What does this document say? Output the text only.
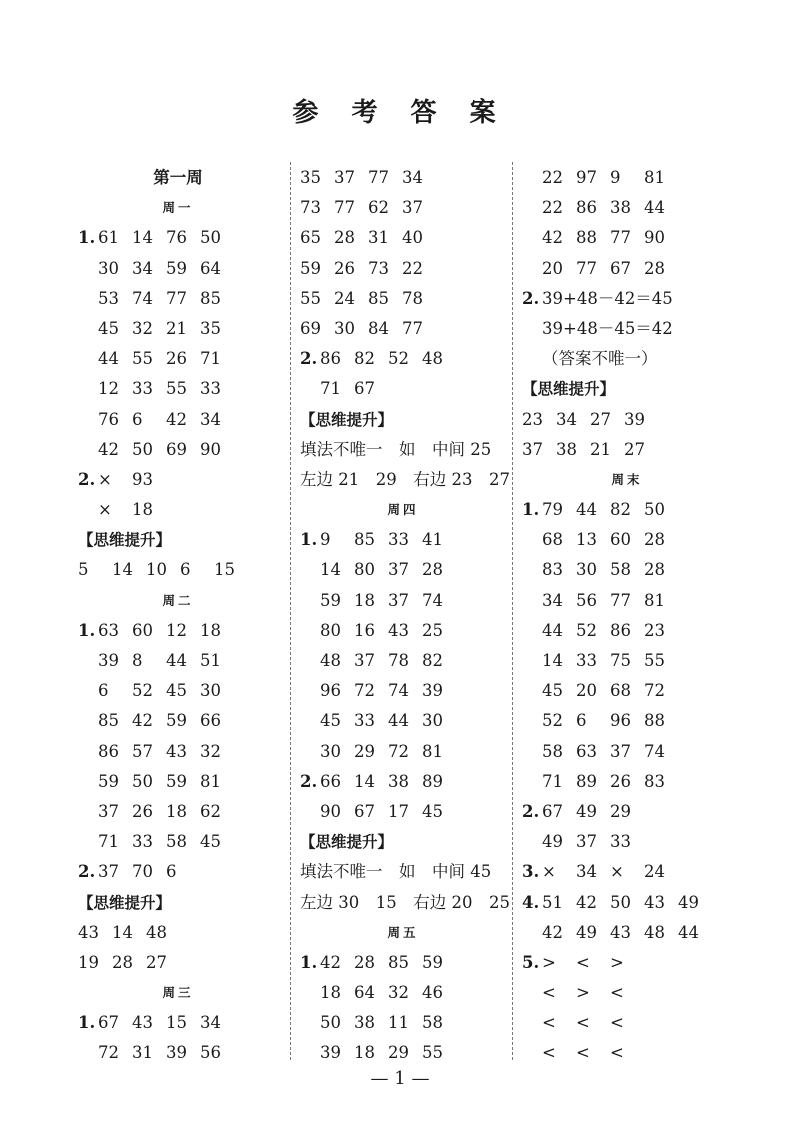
参 考 答 案
第一周
周一
1. 61 14 76 50
30 34 59 64
53 74 77 85
45 32 21 35
44 55 26 71
12 33 55 33
76 6 42 34
42 50 69 90
2. × 93
× 18
【思维提升】
5 14 10 6 15
周二
1. 63 60 12 18
39 8 44 51
6 52 45 30
85 42 59 66
86 57 43 32
59 50 59 81
37 26 18 62
71 33 58 45
2. 37 70 6
【思维提升】
43 14 48
19 28 27
周三
1. 67 43 15 34
72 31 39 56
35 37 77 34
73 77 62 37
65 28 31 40
59 26 73 22
55 24 85 78
69 30 84 77
2. 86 82 52 48
71 67
【思维提升】
填法不唯一　如　中间 25
左边 21　29　右边 23　27
周四
1. 9 85 33 41
14 80 37 28
59 18 37 74
80 16 43 25
48 37 78 82
96 72 74 39
45 33 44 30
30 29 72 81
2. 66 14 38 89
90 67 17 45
【思维提升】
填法不唯一　如　中间 45
左边 30　15　右边 20　25
周五
1. 42 28 85 59
18 64 32 46
50 38 11 58
39 18 29 55
22 97 9 81
22 86 38 44
42 88 77 90
20 77 67 28
2. 39+48－42＝45
39+48－45＝42
（答案不唯一）
【思维提升】
23 34 27 39
37 38 21 27
周末
1. 79 44 82 50
68 13 60 28
83 30 58 28
34 56 77 81
44 52 86 23
14 33 75 55
45 20 68 72
52 6 96 88
58 63 37 74
71 89 26 83
2. 67 49 29
49 37 33
3. × 34 × 24
4. 51 42 50 43 49
42 49 43 48 44
5. > < >
< > <
< < <
< < <
— 1 —
